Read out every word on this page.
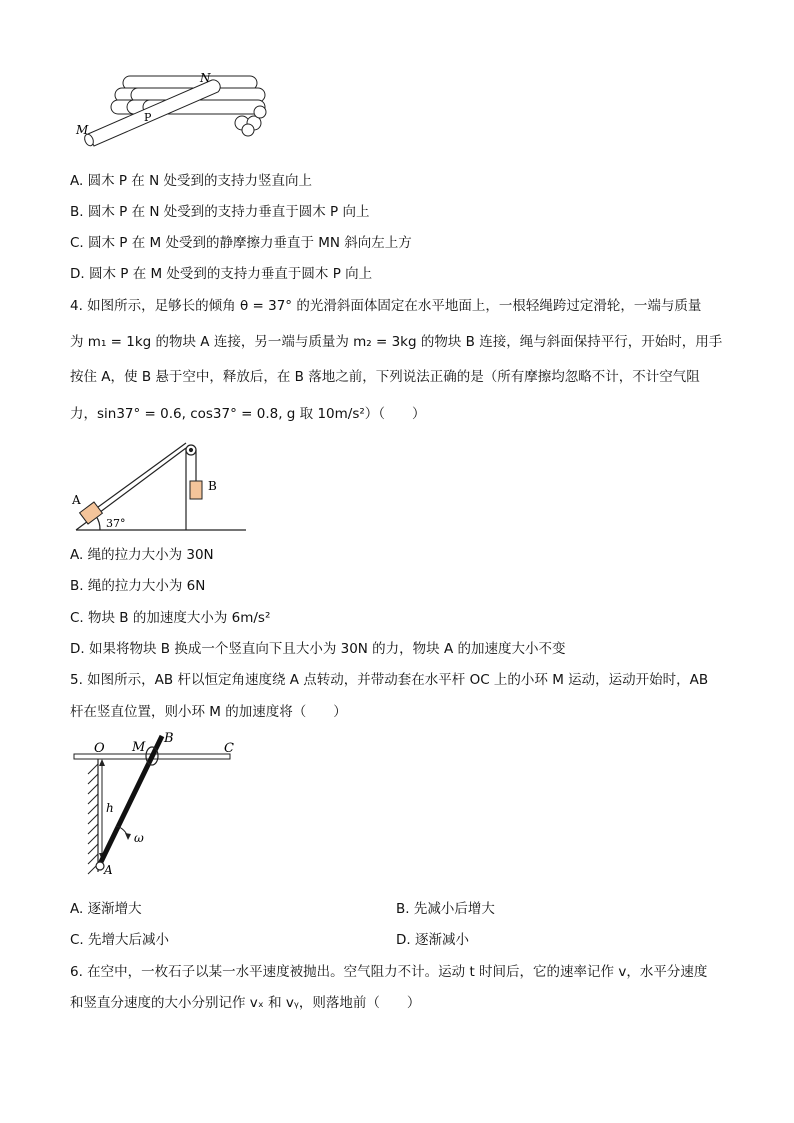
M
N
P
A. 圆木 P 在 N 处受到的支持力竖直向上
B. 圆木 P 在 N 处受到的支持力垂直于圆木 P 向上
C. 圆木 P 在 M 处受到的静摩擦力垂直于 MN 斜向左上方
D. 圆木 P 在 M 处受到的支持力垂直于圆木 P 向上
4. 如图所示，足够长的倾角 θ = 37° 的光滑斜面体固定在水平地面上，一根轻绳跨过定滑轮，一端与质量
为 m₁ = 1kg 的物块 A 连接，另一端与质量为 m₂ = 3kg 的物块 B 连接，绳与斜面保持平行，开始时，用手
按住 A，使 B 悬于空中，释放后，在 B 落地之前，下列说法正确的是（所有摩擦均忽略不计，不计空气阻
力，sin37° = 0.6, cos37° = 0.8, g 取 10m/s²）（　　）
A
B
37°
A. 绳的拉力大小为 30N
B. 绳的拉力大小为 6N
C. 物块 B 的加速度大小为 6m/s²
D. 如果将物块 B 换成一个竖直向下且大小为 30N 的力，物块 A 的加速度大小不变
5. 如图所示，AB 杆以恒定角速度绕 A 点转动，并带动套在水平杆 OC 上的小环 M 运动，运动开始时，AB
杆在竖直位置，则小环 M 的加速度将（　　）
O M
B
C
h
ω
A
A. 逐渐增大	B. 先减小后增大
C. 先增大后减小	D. 逐渐减小
6. 在空中，一枚石子以某一水平速度被抛出。空气阻力不计。运动 t 时间后，它的速率记作 v，水平分速度
和竖直分速度的大小分别记作 vₓ 和 vᵧ，则落地前（　　）
